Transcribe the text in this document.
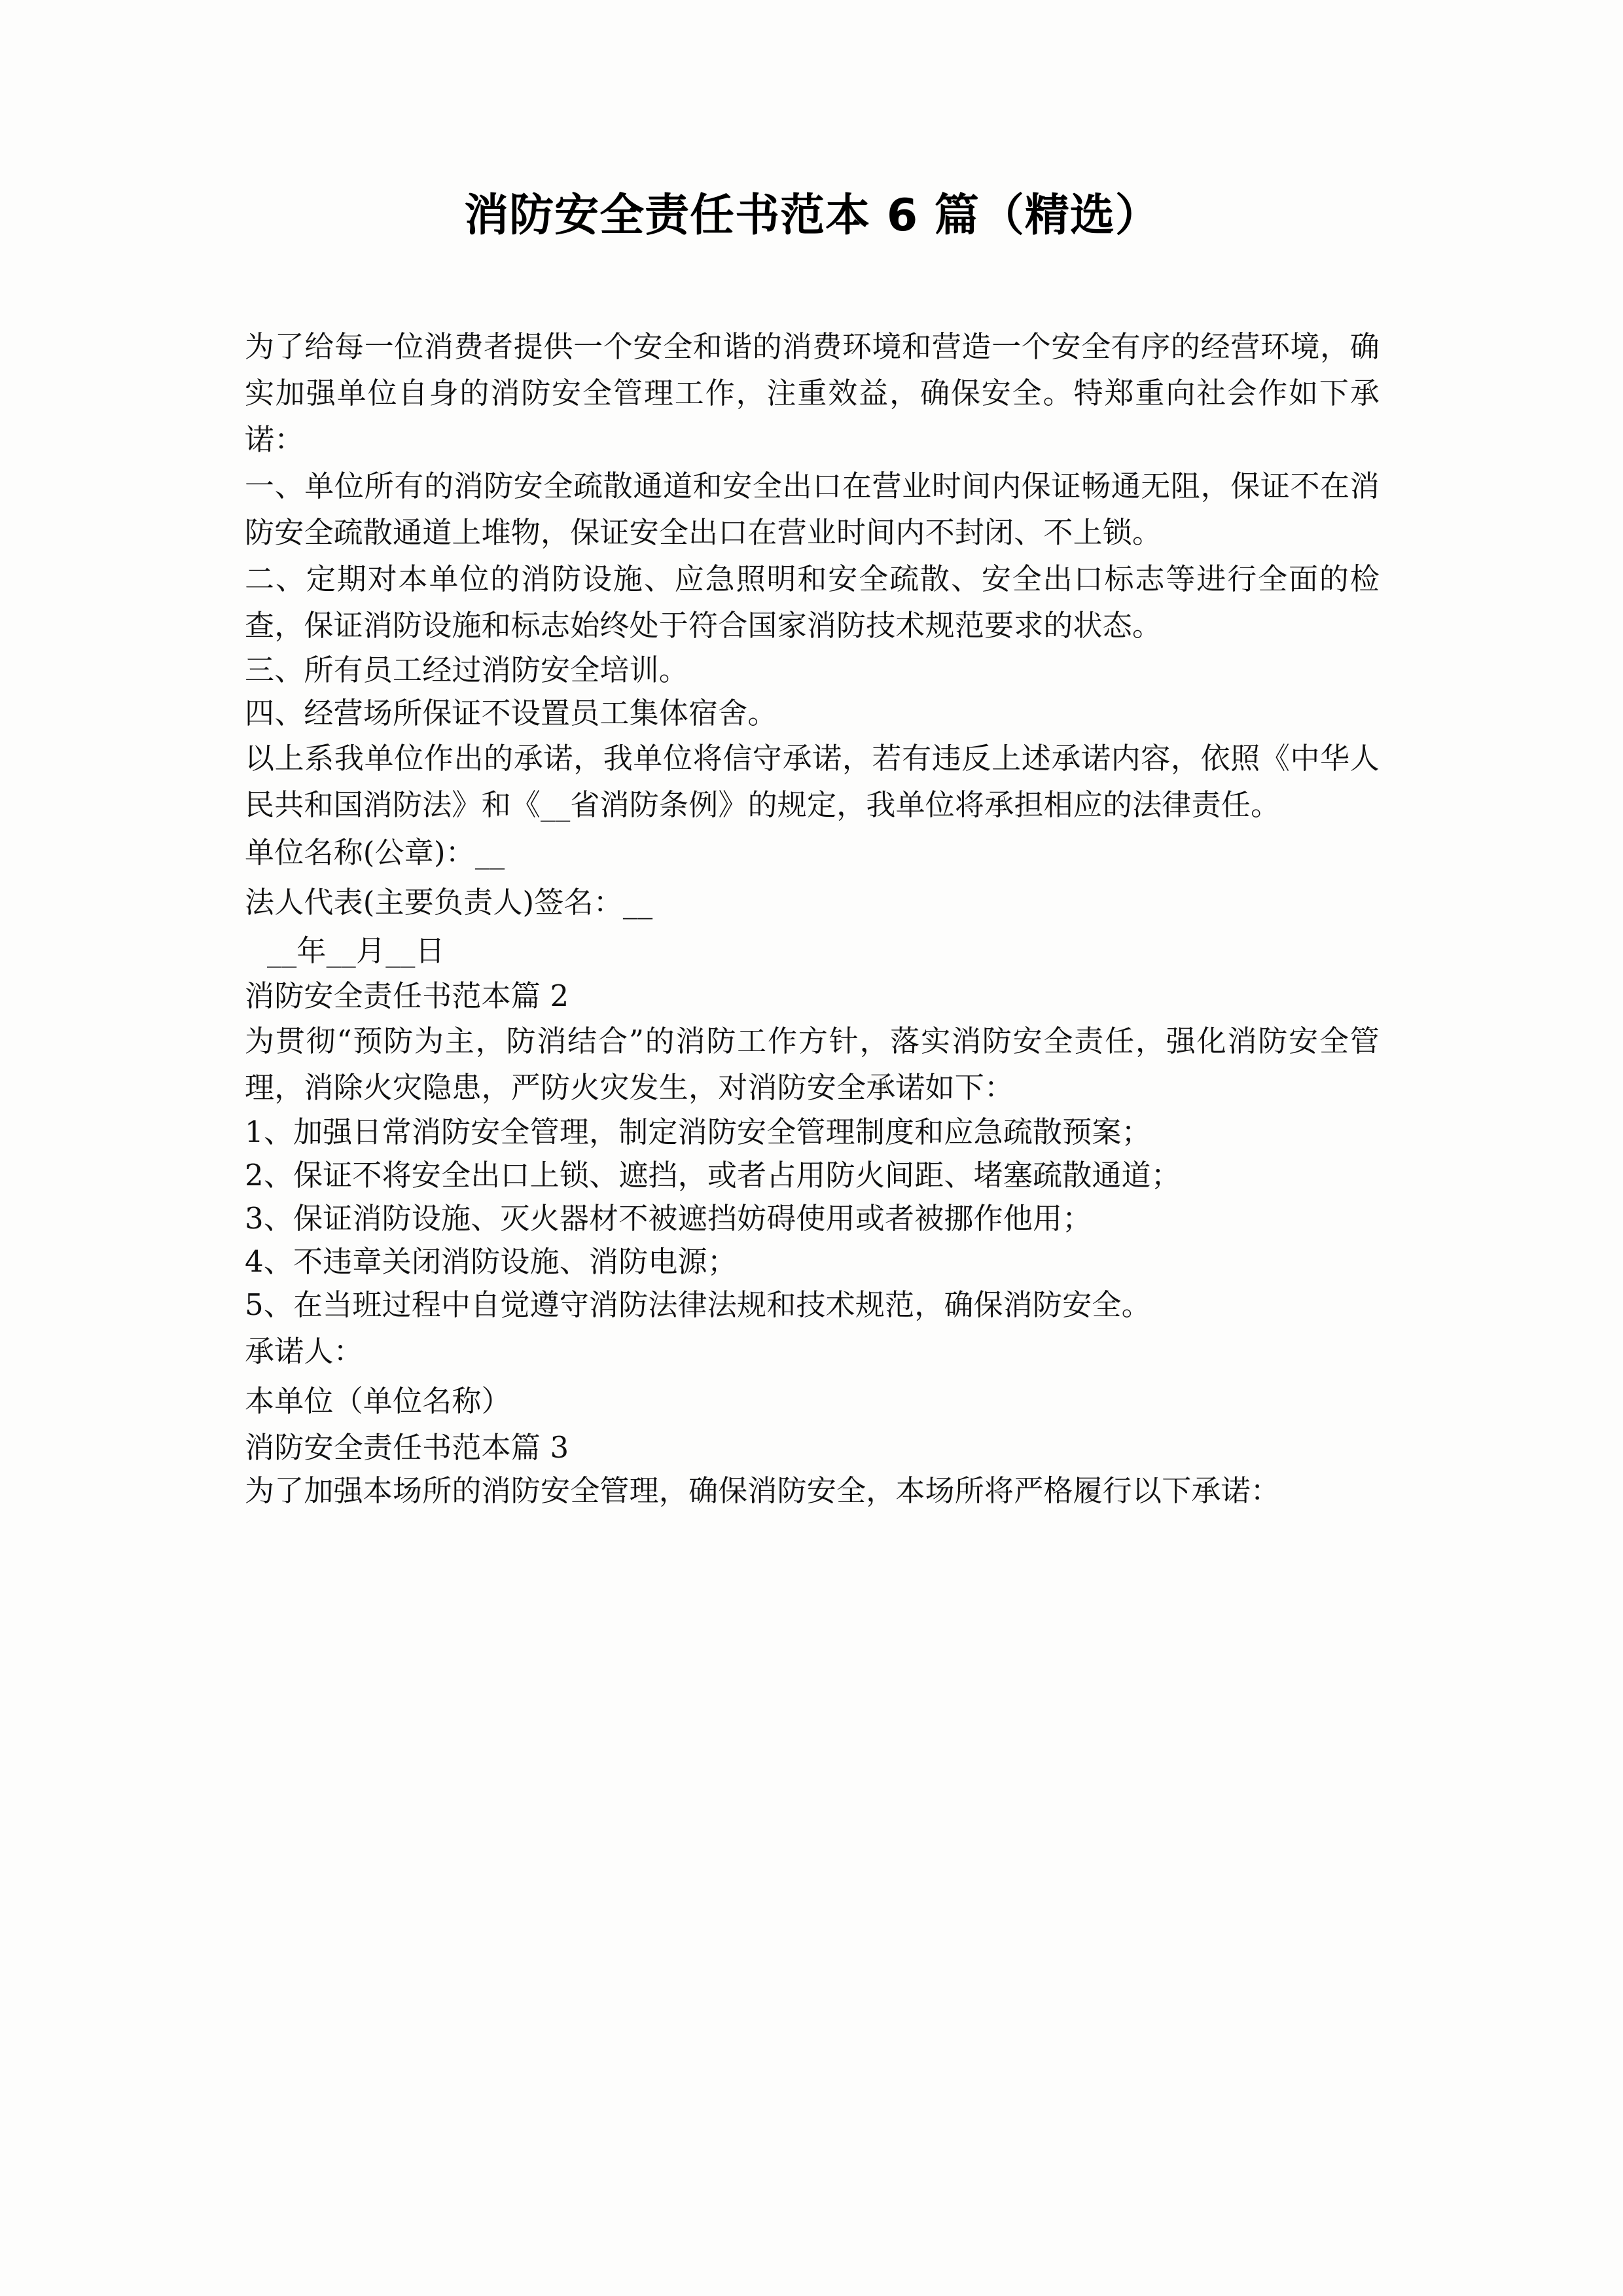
消防安全责任书范本 6 篇（精选）

为了给每一位消费者提供一个安全和谐的消费环境和营造一个安全有序的经营环境，确实加强单位自身的消防安全管理工作，注重效益，确保安全。特郑重向社会作如下承诺：

一、单位所有的消防安全疏散通道和安全出口在营业时间内保证畅通无阻，保证不在消防安全疏散通道上堆物，保证安全出口在营业时间内不封闭、不上锁。

二、定期对本单位的消防设施、应急照明和安全疏散、安全出口标志等进行全面的检查，保证消防设施和标志始终处于符合国家消防技术规范要求的状态。

三、所有员工经过消防安全培训。

四、经营场所保证不设置员工集体宿舍。

以上系我单位作出的承诺，我单位将信守承诺，若有违反上述承诺内容，依照《中华人民共和国消防法》和《__省消防条例》的规定，我单位将承担相应的法律责任。

单位名称(公章)：__

法人代表(主要负责人)签名：__

__年__月__日

消防安全责任书范本篇 2

为贯彻“预防为主，防消结合”的消防工作方针，落实消防安全责任，强化消防安全管理，消除火灾隐患，严防火灾发生，对消防安全承诺如下：

1、加强日常消防安全管理，制定消防安全管理制度和应急疏散预案；

2、保证不将安全出口上锁、遮挡，或者占用防火间距、堵塞疏散通道；

3、保证消防设施、灭火器材不被遮挡妨碍使用或者被挪作他用；

4、不违章关闭消防设施、消防电源；

5、在当班过程中自觉遵守消防法律法规和技术规范，确保消防安全。

承诺人：

本单位（单位名称）

消防安全责任书范本篇 3

为了加强本场所的消防安全管理，确保消防安全，本场所将严格履行以下承诺：
